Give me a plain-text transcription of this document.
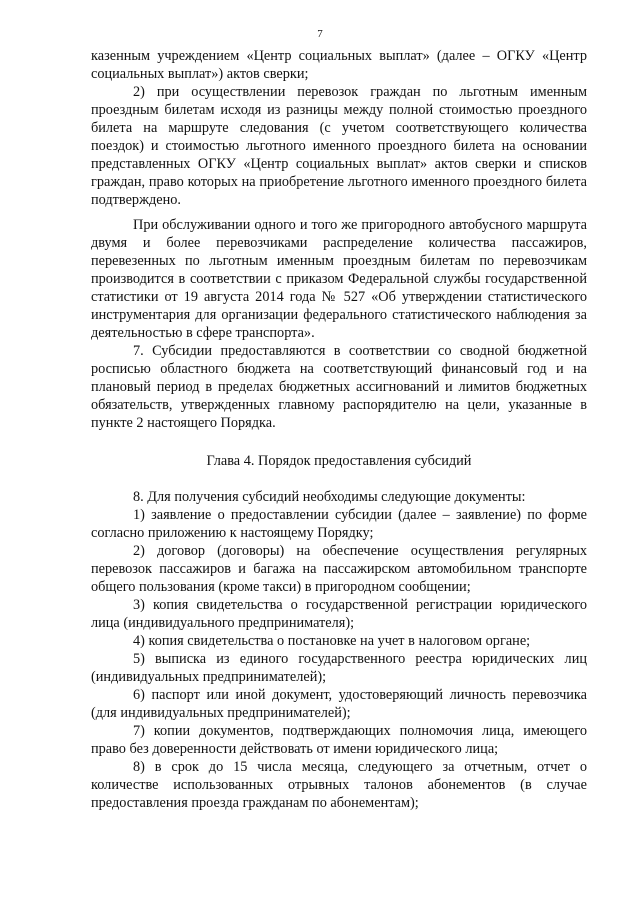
7

казенным учреждением «Центр социальных выплат» (далее – ОГКУ «Центр социальных выплат») актов сверки;

2) при осуществлении перевозок граждан по льготным именным проездным билетам исходя из разницы между полной стоимостью проездного билета на маршруте следования (с учетом соответствующего количества поездок) и стоимостью льготного именного проездного билета на основании представленных ОГКУ «Центр социальных выплат» актов сверки и списков граждан, право которых на приобретение льготного именного проездного билета подтверждено.

При обслуживании одного и того же пригородного автобусного маршрута двумя и более перевозчиками распределение количества пассажиров, перевезенных по льготным именным проездным билетам по перевозчикам производится в соответствии с приказом Федеральной службы государственной статистики от 19 августа 2014 года № 527 «Об утверждении статистического инструментария для организации федерального статистического наблюдения за деятельностью в сфере транспорта».

7. Субсидии предоставляются в соответствии со сводной бюджетной росписью областного бюджета на соответствующий финансовый год и на плановый период в пределах бюджетных ассигнований и лимитов бюджетных обязательств, утвержденных главному распорядителю на цели, указанные в пункте 2 настоящего Порядка.

Глава 4. Порядок предоставления субсидий

8. Для получения субсидий необходимы следующие документы:

1) заявление о предоставлении субсидии (далее – заявление) по форме согласно приложению к настоящему Порядку;

2) договор (договоры) на обеспечение осуществления регулярных перевозок пассажиров и багажа на пассажирском автомобильном транспорте общего пользования (кроме такси) в пригородном сообщении;

3) копия свидетельства о государственной регистрации юридического лица (индивидуального предпринимателя);

4) копия свидетельства о постановке на учет в налоговом органе;

5) выписка из единого государственного реестра юридических лиц (индивидуальных предпринимателей);

6) паспорт или иной документ, удостоверяющий личность перевозчика (для индивидуальных предпринимателей);

7) копии документов, подтверждающих полномочия лица, имеющего право без доверенности действовать от имени юридического лица;

8) в срок до 15 числа месяца, следующего за отчетным, отчет о количестве использованных отрывных талонов абонементов (в случае предоставления проезда гражданам по абонементам);
